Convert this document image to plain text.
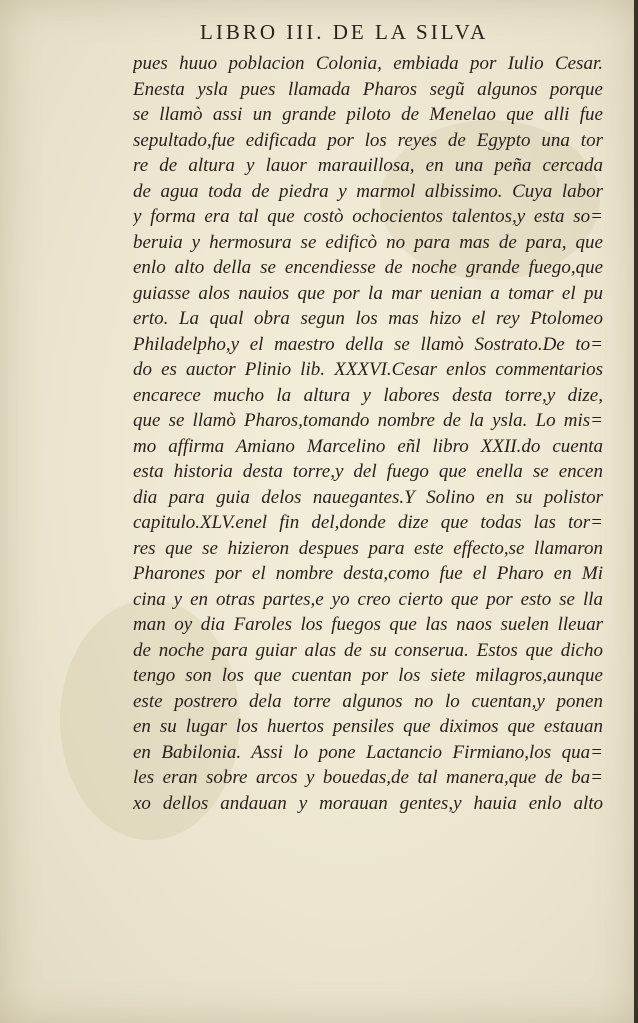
LIBRO III. DE LA SILVA
pues huuo poblacion Colonia, embiada por Iulio Cesar.
Enesta ysla pues llamada Pharos segũ algunos porque
se llamò assi un grande piloto de Menelao que alli fue
sepultado,fue edificada por los reyes de Egypto una tor
re de altura y lauor marauillosa, en una peña cercada
de agua toda de piedra y marmol albissimo. Cuya labor
y forma era tal que costò ochocientos talentos,y esta so=
beruia y hermosura se edificò no para mas de para, que
enlo alto della se encendiesse de noche grande fuego,que
guiasse alos nauios que por la mar uenian a tomar el pu
erto. La qual obra segun los mas hizo el rey Ptolomeo
Philadelpho,y el maestro della se llamò Sostrato.De to=
do es auctor Plinio lib. XXXVI.Cesar enlos commentarios
encarece mucho la altura y labores desta torre,y dize,
que se llamò Pharos,tomando nombre de la ysla. Lo mis=
mo affirma Amiano Marcelino eñl libro XXII.do cuenta
esta historia desta torre,y del fuego que enella se encen
dia para guia delos nauegantes.Y Solino en su polistor
capitulo.XLV.enel fin del,donde dize que todas las tor=
res que se hizieron despues para este effecto,se llamaron
Pharones por el nombre desta,como fue el Pharo en Mi
cina y en otras partes,e yo creo cierto que por esto se lla
man oy dia Faroles los fuegos que las naos suelen lleuar
de noche para guiar alas de su conserua. Estos que dicho
tengo son los que cuentan por los siete milagros,aunque
este postrero dela torre algunos no lo cuentan,y ponen
en su lugar los huertos pensiles que diximos que estauan
en Babilonia. Assi lo pone Lactancio Firmiano,los qua=
les eran sobre arcos y bouedas,de tal manera,que de ba=
xo dellos andauan y morauan gentes,y hauia enlo alto
